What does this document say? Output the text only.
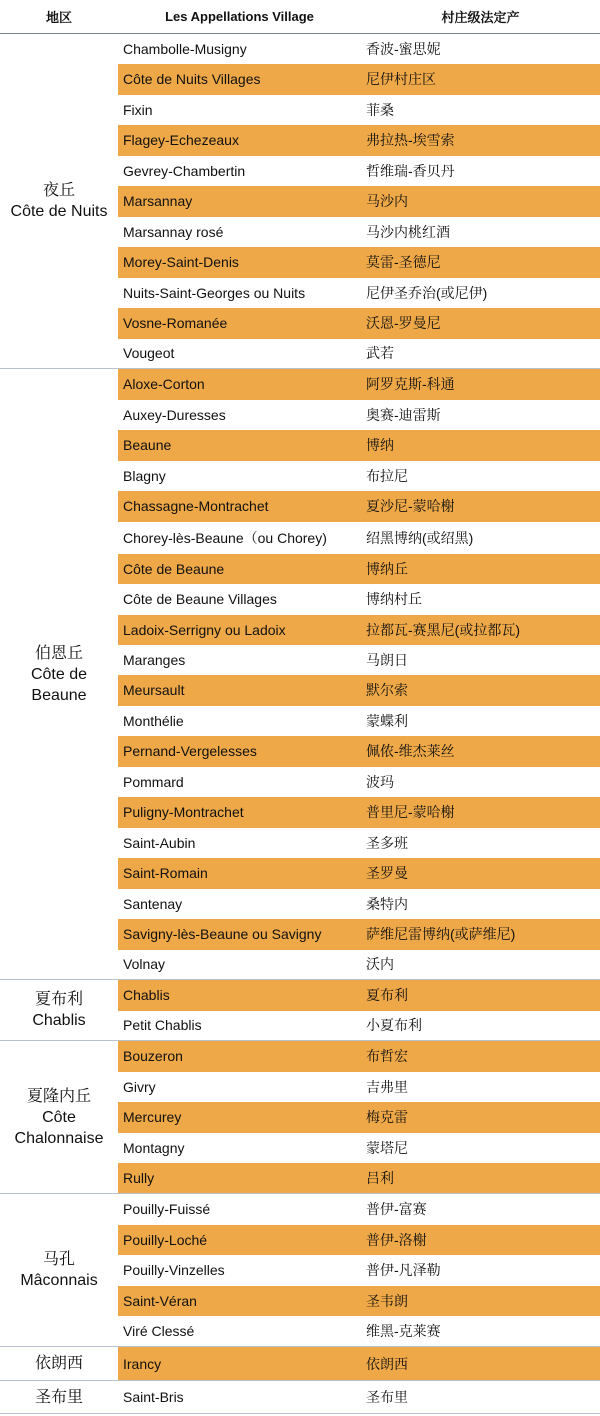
地区	Les Appellations Village	村庄级法定产

夜丘
Côte de Nuits	Chambolle-Musigny	香波-蜜思妮
	Côte de Nuits Villages	尼伊村庄区
	Fixin	菲桑
	Flagey-Echezeaux	弗拉热-埃雪索
	Gevrey-Chambertin	哲维瑞-香贝丹
	Marsannay	马沙内
	Marsannay rosé	马沙内桃红酒
	Morey-Saint-Denis	莫雷-圣德尼
	Nuits-Saint-Georges ou Nuits	尼伊圣乔治(或尼伊)
	Vosne-Romanée	沃恩-罗曼尼
	Vougeot	武若

伯恩丘
Côte de
Beaune	Aloxe-Corton	阿罗克斯-科通
	Auxey-Duresses	奥赛-迪雷斯
	Beaune	博纳
	Blagny	布拉尼
	Chassagne-Montrachet	夏沙尼-蒙哈榭
	Chorey-lès-Beaune（ou Chorey)	绍黑博纳(或绍黑)
	Côte de Beaune	博纳丘
	Côte de Beaune Villages	博纳村丘
	Ladoix-Serrigny ou Ladoix	拉都瓦-赛黑尼(或拉都瓦)
	Maranges	马朗日
	Meursault	默尔索
	Monthélie	蒙蝶利
	Pernand-Vergelesses	佩侬-维杰莱丝
	Pommard	波玛
	Puligny-Montrachet	普里尼-蒙哈榭
	Saint-Aubin	圣多班
	Saint-Romain	圣罗曼
	Santenay	桑特内
	Savigny-lès-Beaune ou Savigny	萨维尼雷博纳(或萨维尼)
	Volnay	沃内

夏布利
Chablis	Chablis	夏布利
	Petit Chablis	小夏布利

夏隆内丘
Côte
Chalonnaise	Bouzeron	布哲宏
	Givry	吉弗里
	Mercurey	梅克雷
	Montagny	蒙塔尼
	Rully	吕利

马孔
Mâconnais	Pouilly-Fuissé	普伊-富赛
	Pouilly-Loché	普伊-洛榭
	Pouilly-Vinzelles	普伊-凡泽勒
	Saint-Véran	圣韦朗
	Viré Clessé	维黑-克莱赛

依朗西	Irancy	依朗西

圣布里	Saint-Bris	圣布里
